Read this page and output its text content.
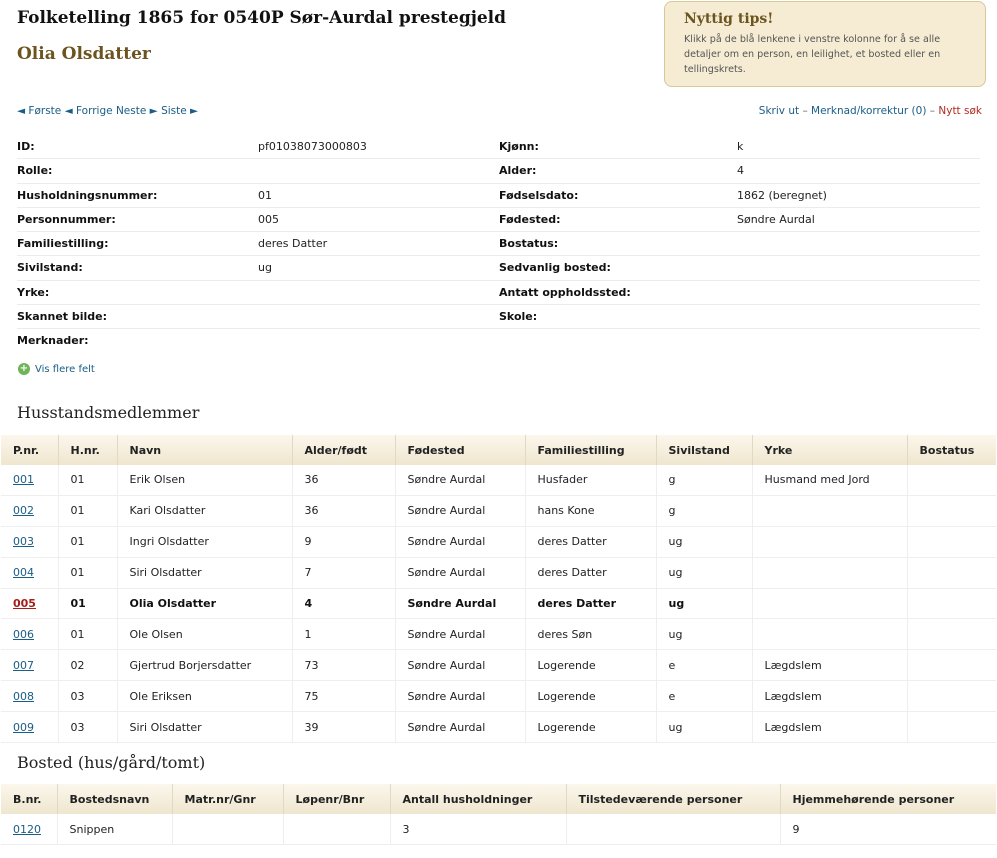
Folketelling 1865 for 0540P Sør-Aurdal prestegjeld
Olia Olsdatter
Nyttig tips!
Klikk på de blå lenkene i venstre kolonne for å se alle detaljer om en person, en leilighet, et bosted eller en tellingskrets.
◄ Første ◄ Forrige Neste ► Siste ►	Skriv ut – Merknad/korrektur (0) – Nytt søk
ID:	pf01038073000803	Kjønn:	k
Rolle:	Alder:	4
Husholdningsnummer:	01	Fødselsdato:	1862 (beregnet)
Personnummer:	005	Fødested:	Søndre Aurdal
Familiestilling:	deres Datter	Bostatus:
Sivilstand:	ug	Sedvanlig bosted:
Yrke:	Antatt oppholdssted:
Skannet bilde:	Skole:
Merknader:
+ Vis flere felt
Husstandsmedlemmer
P.nr.	H.nr.	Navn	Alder/født	Fødested	Familiestilling	Sivilstand	Yrke	Bostatus
001	01	Erik Olsen	36	Søndre Aurdal	Husfader	g	Husmand med Jord	
002	01	Kari Olsdatter	36	Søndre Aurdal	hans Kone	g		
003	01	Ingri Olsdatter	9	Søndre Aurdal	deres Datter	ug		
004	01	Siri Olsdatter	7	Søndre Aurdal	deres Datter	ug		
005	01	Olia Olsdatter	4	Søndre Aurdal	deres Datter	ug		
006	01	Ole Olsen	1	Søndre Aurdal	deres Søn	ug		
007	02	Gjertrud Borjersdatter	73	Søndre Aurdal	Logerende	e	Lægdslem	
008	03	Ole Eriksen	75	Søndre Aurdal	Logerende	e	Lægdslem	
009	03	Siri Olsdatter	39	Søndre Aurdal	Logerende	ug	Lægdslem	
Bosted (hus/gård/tomt)
B.nr.	Bostedsnavn	Matr.nr/Gnr	Løpenr/Bnr	Antall husholdninger	Tilstedeværende personer	Hjemmehørende personer
0120	Snippen			3		9
